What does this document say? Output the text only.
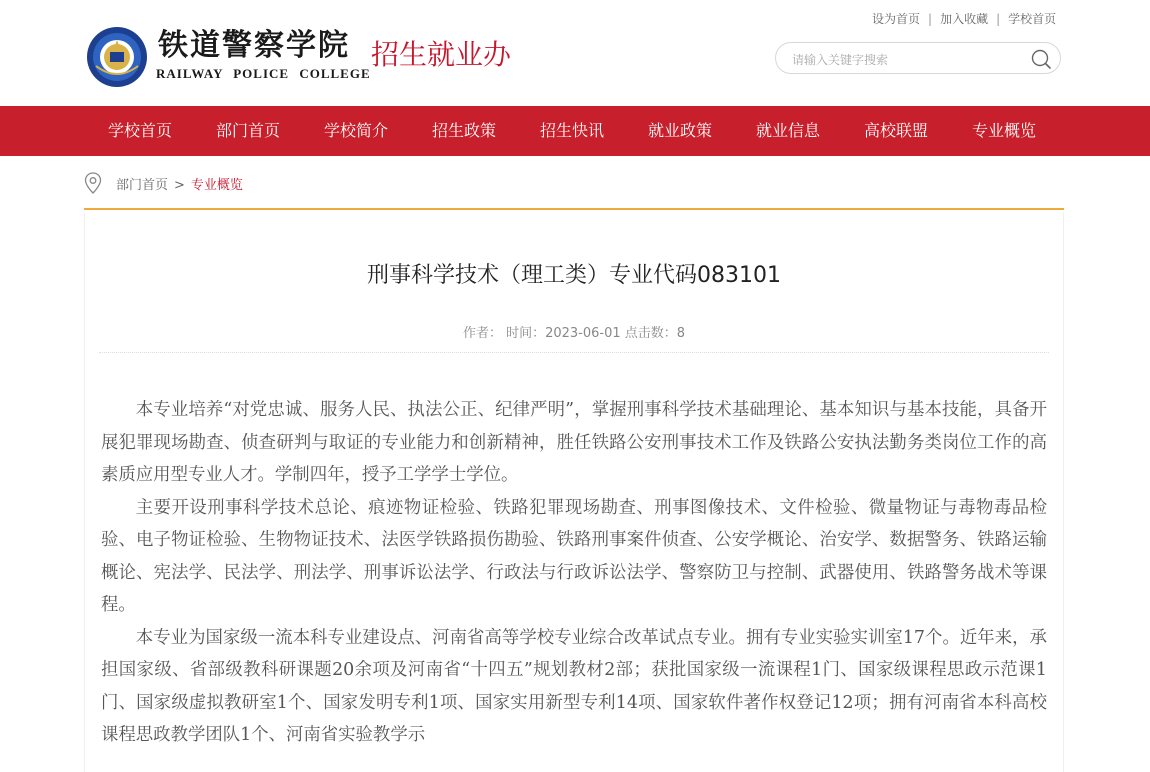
铁道警察学院
RAILWAY POLICE COLLEGE
招生就业办
设为首页 | 加入收藏 | 学校首页
请输入关键字搜索
学校首页	部门首页	学校简介	招生政策	招生快讯	就业政策	就业信息	高校联盟	专业概览
部门首页 > 专业概览
刑事科学技术（理工类）专业代码083101
作者： 时间：2023-06-01 点击数：8

本专业培养“对党忠诚、服务人民、执法公正、纪律严明”，掌握刑事科学技术基础理论、基本知识与基本技能，具备开展犯罪现场勘查、侦查研判与取证的专业能力和创新精神，胜任铁路公安刑事技术工作及铁路公安执法勤务类岗位工作的高素质应用型专业人才。学制四年，授予工学学士学位。

主要开设刑事科学技术总论、痕迹物证检验、铁路犯罪现场勘查、刑事图像技术、文件检验、微量物证与毒物毒品检验、电子物证检验、生物物证技术、法医学铁路损伤勘验、铁路刑事案件侦查、公安学概论、治安学、数据警务、铁路运输概论、宪法学、民法学、刑法学、刑事诉讼法学、行政法与行政诉讼法学、警察防卫与控制、武器使用、铁路警务战术等课程。

本专业为国家级一流本科专业建设点、河南省高等学校专业综合改革试点专业。拥有专业实验实训室17个。近年来，承担国家级、省部级教科研课题20余项及河南省“十四五”规划教材2部；获批国家级一流课程1门、国家级课程思政示范课1门、国家级虚拟教研室1个、国家发明专利1项、国家实用新型专利14项、国家软件著作权登记12项；拥有河南省本科高校课程思政教学团队1个、河南省实验教学示
